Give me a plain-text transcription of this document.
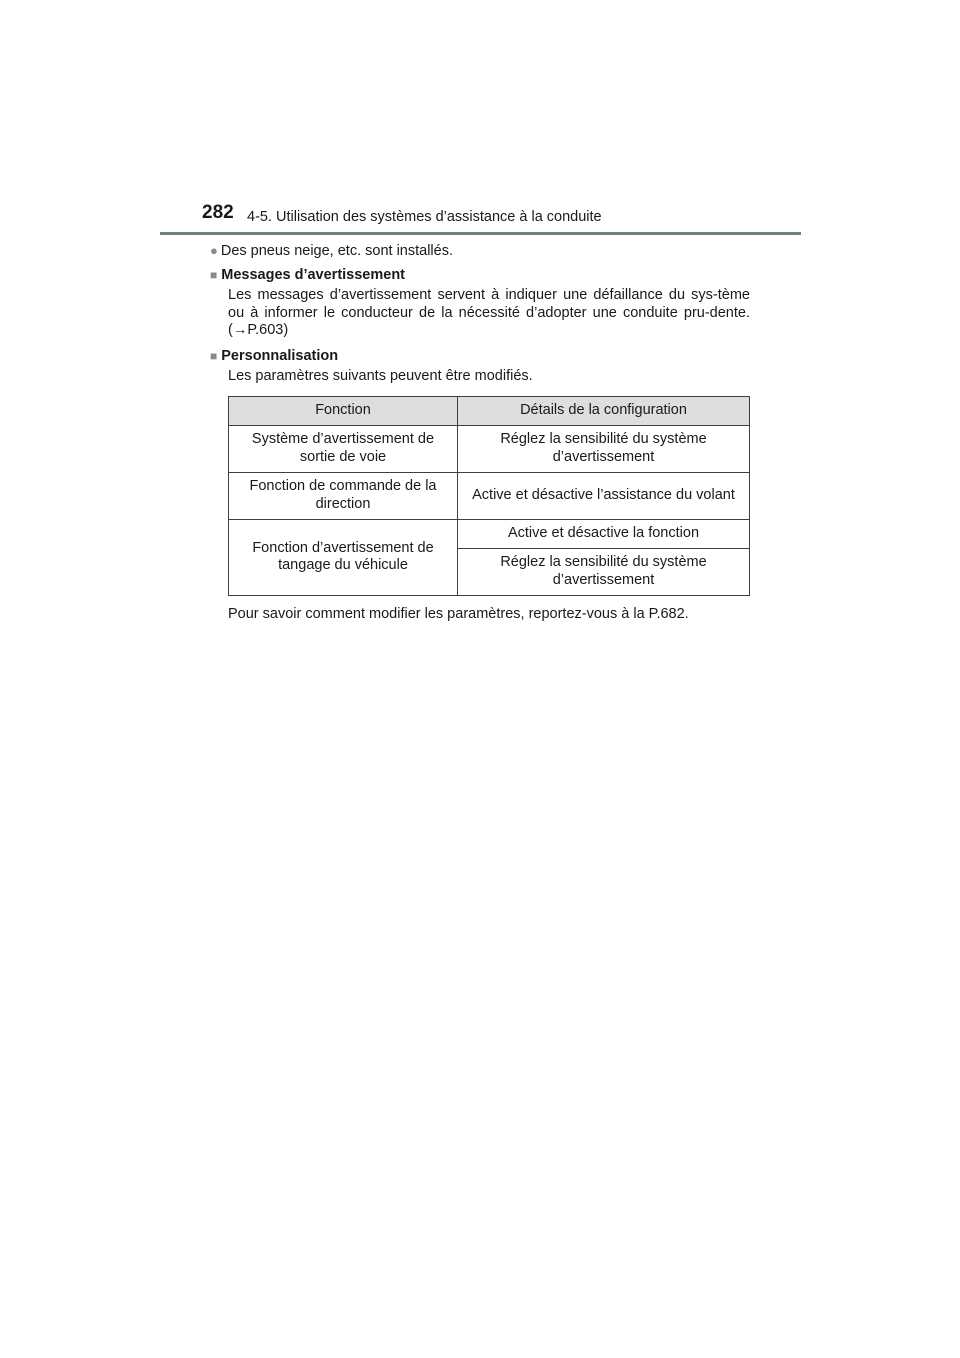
282 4-5. Utilisation des systèmes d’assistance à la conduite

● Des pneus neige, etc. sont installés.

■ Messages d’avertissement

Les messages d’avertissement servent à indiquer une défaillance du sys-tème ou à informer le conducteur de la nécessité d’adopter une conduite pru-dente. (→P.603)

■ Personnalisation

Les paramètres suivants peuvent être modifiés.

Fonction	Détails de la configuration
Système d’avertissement de sortie de voie	Réglez la sensibilité du système d’avertissement
Fonction de commande de la direction	Active et désactive l’assistance du volant
Fonction d’avertissement de tangage du véhicule	Active et désactive la fonction
	Réglez la sensibilité du système d’avertissement

Pour savoir comment modifier les paramètres, reportez-vous à la P.682.
